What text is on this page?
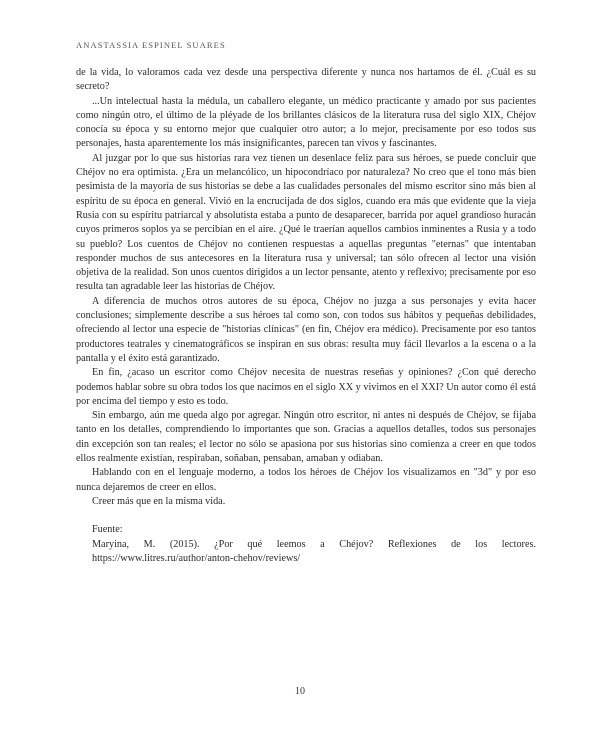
ANASTASSIA ESPINEL SUARES

de la vida, lo valoramos cada vez desde una perspectiva diferente y nunca nos hartamos de él. ¿Cuál es su secreto?

...Un intelectual hasta la médula, un caballero elegante, un médico practicante y amado por sus pacientes como ningún otro, el último de la pléyade de los brillantes clásicos de la literatura rusa del siglo XIX, Chéjov conocía su época y su entorno mejor que cualquier otro autor; a lo mejor, precisamente por eso todos sus personajes, hasta aparentemente los más insignificantes, parecen tan vivos y fascinantes.

Al juzgar por lo que sus historias rara vez tienen un desenlace feliz para sus héroes, se puede concluir que Chéjov no era optimista. ¿Era un melancólico, un hipocondríaco por naturaleza? No creo que el tono más bien pesimista de la mayoría de sus historias se debe a las cualidades personales del mismo escritor sino más bien al espíritu de su época en general. Vivió en la encrucijada de dos siglos, cuando era más que evidente que la vieja Rusia con su espíritu patriarcal y absolutista estaba a punto de desaparecer, barrida por aquel grandioso huracán cuyos primeros soplos ya se percibían en el aire. ¿Qué le traerían aquellos cambios inminentes a Rusia y a todo su pueblo? Los cuentos de Chéjov no contienen respuestas a aquellas preguntas "eternas" que intentaban responder muchos de sus antecesores en la literatura rusa y universal; tan sólo ofrecen al lector una visión objetiva de la realidad. Son unos cuentos dirigidos a un lector pensante, atento y reflexivo; precisamente por eso resulta tan agradable leer las historias de Chéjov.

A diferencia de muchos otros autores de su época, Chéjov no juzga a sus personajes y evita hacer conclusiones; simplemente describe a sus héroes tal como son, con todos sus hábitos y pequeñas debilidades, ofreciendo al lector una especie de "historias clínicas" (en fin, Chéjov era médico). Precisamente por eso tantos productores teatrales y cinematográficos se inspiran en sus obras: resulta muy fácil llevarlos a la escena o a la pantalla y el éxito está garantizado.

En fin, ¿acaso un escritor como Chéjov necesita de nuestras reseñas y opiniones? ¿Con qué derecho podemos hablar sobre su obra todos los que nacimos en el siglo XX y vivimos en el XXI? Un autor como él está por encima del tiempo y esto es todo.

Sin embargo, aún me queda algo por agregar. Ningún otro escritor, ni antes ni después de Chéjov, se fijaba tanto en los detalles, comprendiendo lo importantes que son. Gracias a aquellos detalles, todos sus personajes din excepción son tan reales; el lector no sólo se apasiona por sus historias sino comienza a creer en que todos ellos realmente existían, respiraban, soñaban, pensaban, amaban y odiaban.

Hablando con en el lenguaje moderno, a todos los héroes de Chéjov los visualizamos en "3d" y por eso nunca dejaremos de creer en ellos.

Creer más que en la misma vida.

Fuente:

Maryina, M. (2015). ¿Por qué leemos a Chéjov? Reflexiones de los lectores. https://www.litres.ru/author/anton-chehov/reviews/

10
